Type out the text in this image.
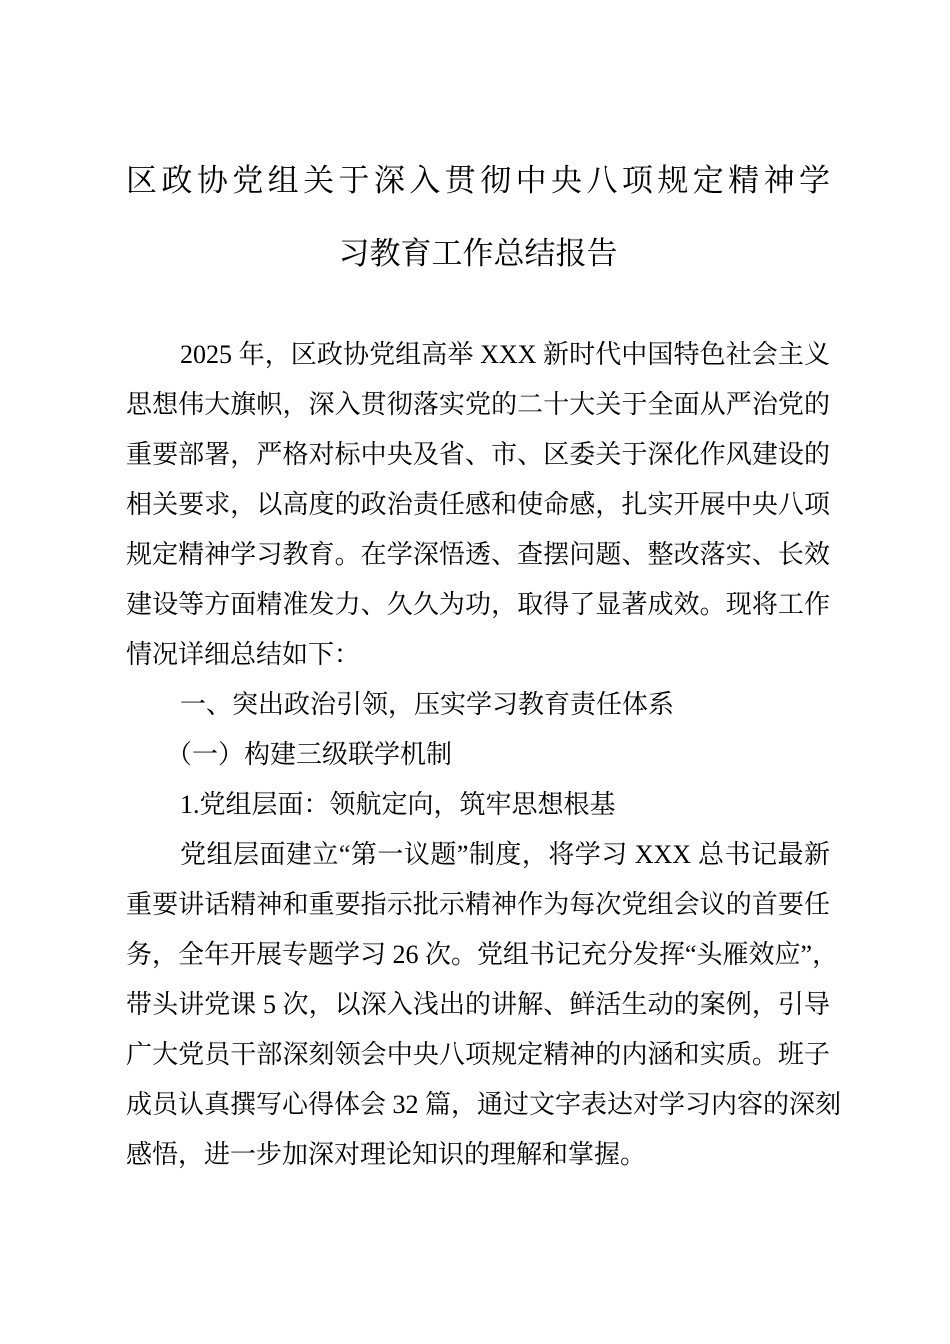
区政协党组关于深入贯彻中央八项规定精神学
习教育工作总结报告
2025 年，区政协党组高举 XXX 新时代中国特色社会主义
思想伟大旗帜，深入贯彻落实党的二十大关于全面从严治党的
重要部署，严格对标中央及省、市、区委关于深化作风建设的
相关要求，以高度的政治责任感和使命感，扎实开展中央八项
规定精神学习教育。在学深悟透、查摆问题、整改落实、长效
建设等方面精准发力、久久为功，取得了显著成效。现将工作
情况详细总结如下：
一、突出政治引领，压实学习教育责任体系
（一）构建三级联学机制
1.党组层面：领航定向，筑牢思想根基
党组层面建立“第一议题”制度，将学习 XXX 总书记最新
重要讲话精神和重要指示批示精神作为每次党组会议的首要任
务，全年开展专题学习 26 次。党组书记充分发挥“头雁效应”，
带头讲党课 5 次，以深入浅出的讲解、鲜活生动的案例，引导
广大党员干部深刻领会中央八项规定精神的内涵和实质。班子
成员认真撰写心得体会 32 篇，通过文字表达对学习内容的深刻
感悟，进一步加深对理论知识的理解和掌握。
